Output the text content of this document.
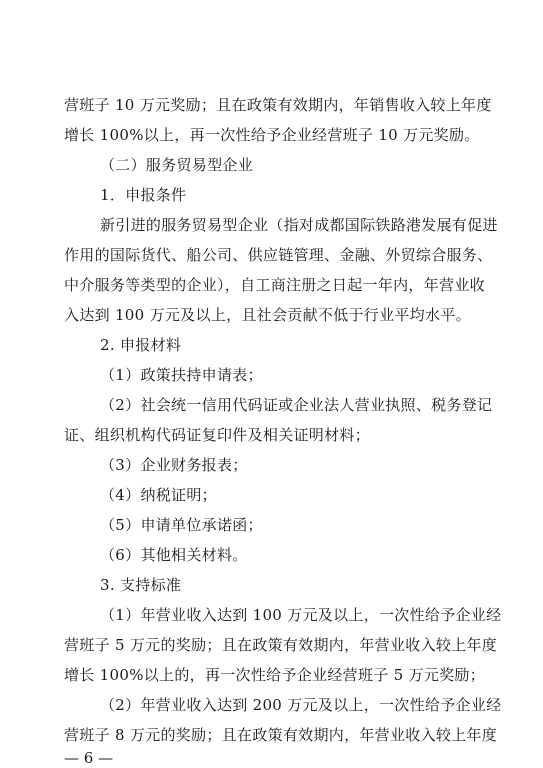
营班子 10 万元奖励；且在政策有效期内，年销售收入较上年度
增长 100%以上，再一次性给予企业经营班子 10 万元奖励。
（二）服务贸易型企业
1．申报条件
新引进的服务贸易型企业（指对成都国际铁路港发展有促进
作用的国际货代、船公司、供应链管理、金融、外贸综合服务、
中介服务等类型的企业），自工商注册之日起一年内，年营业收
入达到 100 万元及以上，且社会贡献不低于行业平均水平。
2. 申报材料
（1）政策扶持申请表；
（2）社会统一信用代码证或企业法人营业执照、税务登记
证、组织机构代码证复印件及相关证明材料；
（3）企业财务报表；
（4）纳税证明；
（5）申请单位承诺函；
（6）其他相关材料。
3. 支持标准
（1）年营业收入达到 100 万元及以上，一次性给予企业经
营班子 5 万元的奖励；且在政策有效期内，年营业收入较上年度
增长 100%以上的，再一次性给予企业经营班子 5 万元奖励；
（2）年营业收入达到 200 万元及以上，一次性给予企业经
营班子 8 万元的奖励；且在政策有效期内，年营业收入较上年度
— 6 —
